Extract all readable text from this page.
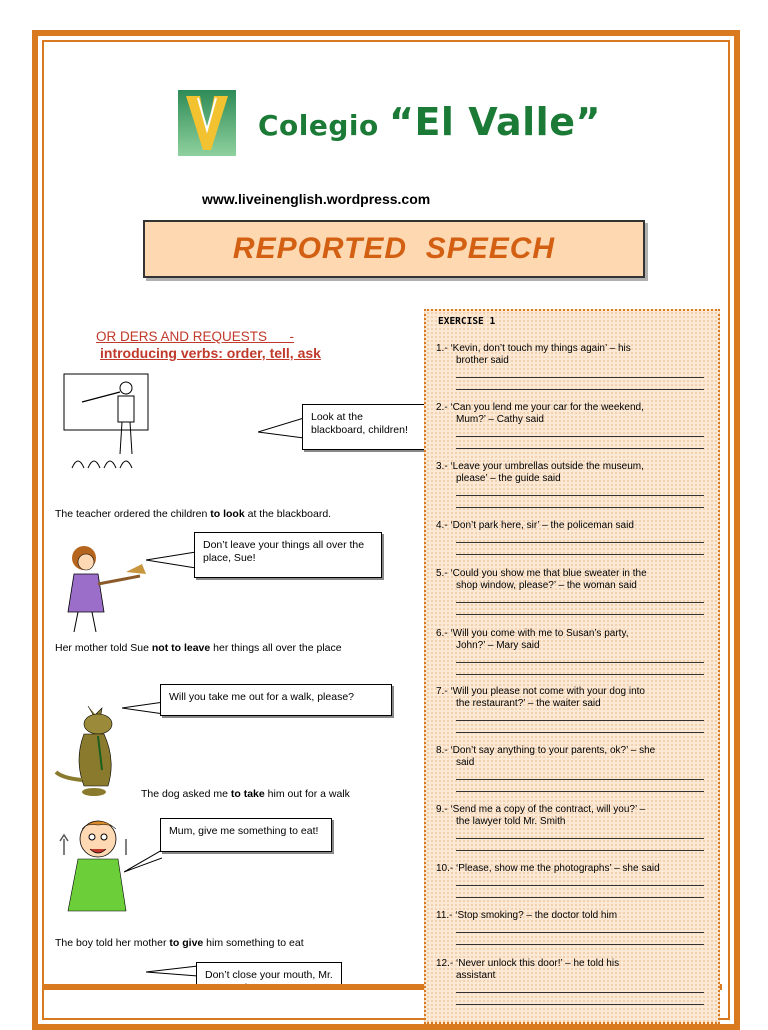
Colegio “El Valle”
www.liveinenglish.wordpress.com
REPORTED  SPEECH
OR DERS AND REQUESTS      -
introducing verbs: order, tell, ask
Look at the blackboard, children!
The teacher ordered the children to look at the blackboard.
Don’t leave your things all over the place, Sue!
Her mother told Sue not to leave her things all over the place
Will you take me out for a walk, please?
The dog asked me to take him out for a walk
Mum, give me something to eat!
The boy told her mother to give him something to eat
Don’t close your mouth, Mr.
EXERCISE 1
1.- ‘Kevin, don’t touch my things again’ – his
brother said
2.- ‘Can you lend me your car for the weekend,
Mum?’ – Cathy said
3.- ‘Leave your umbrellas outside the museum,
please’ – the guide said
4.- ‘Don’t park here, sir’ – the policeman said
5.- ‘Could you show me that blue sweater in the
shop window, please?’ – the woman said
6.- ‘Will you come with me to Susan’s party,
John?’ – Mary said
7.- ‘Will you please not come with your dog into
the restaurant?’ – the waiter said
8.- ‘Don’t say anything to your parents, ok?’ – she
said
9.- ‘Send me a copy of the contract, will you?’ –
the lawyer told Mr. Smith
10.- ‘Please, show me the photographs’ – she said
11.- ‘Stop smoking? – the doctor told him
12.- ‘Never unlock this door!’ – he told his
assistant
